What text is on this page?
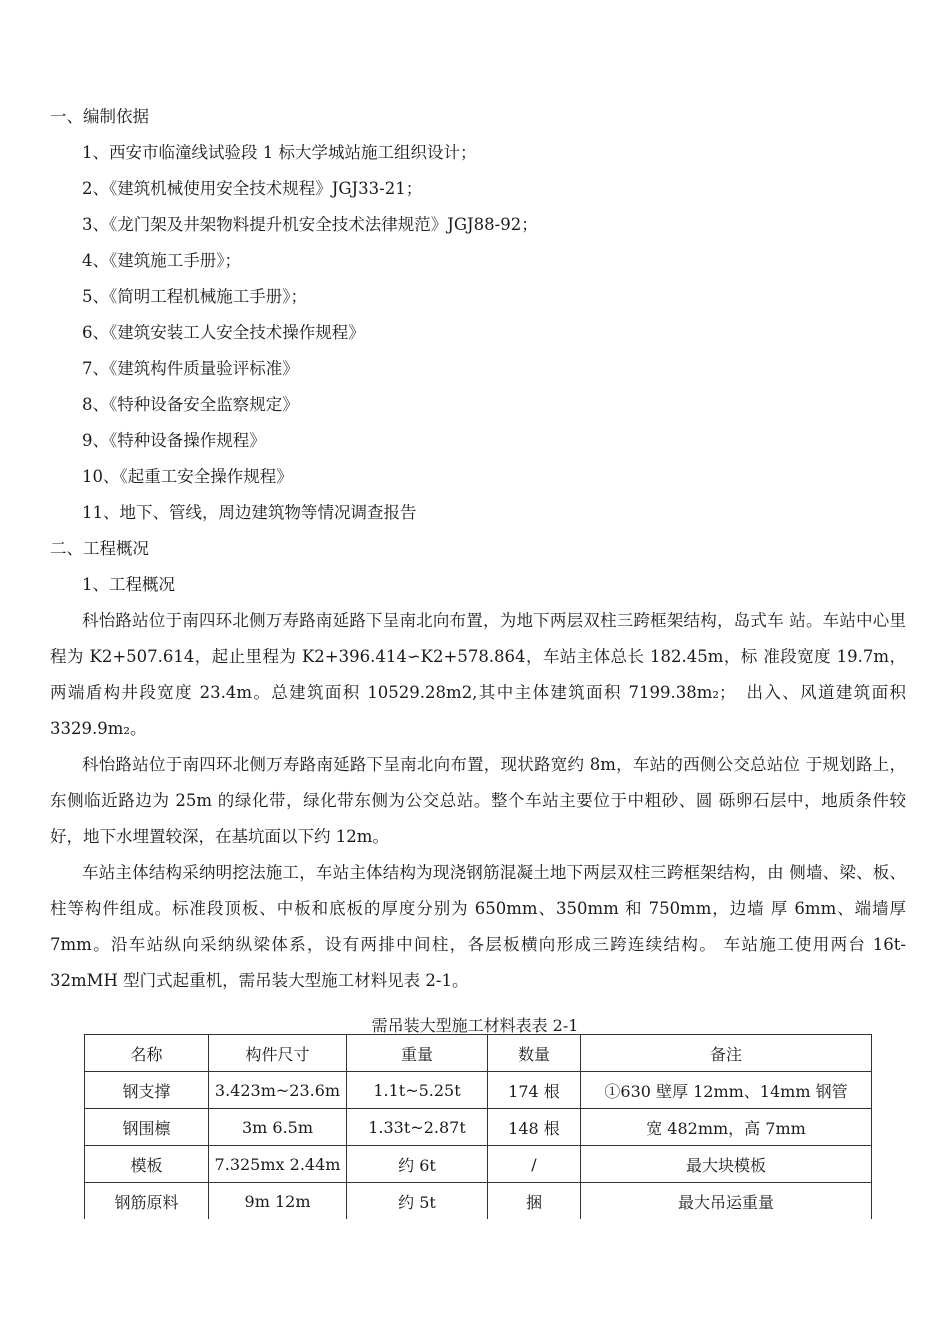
一、编制依据
1、西安市临潼线试验段 1 标大学城站施工组织设计；
2、《建筑机械使用安全技术规程》JGJ33-21；
3、《龙门架及井架物料提升机安全技术法律规范》JGJ88-92；
4、《建筑施工手册》；
5、《简明工程机械施工手册》；
6、《建筑安装工人安全技术操作规程》
7、《建筑构件质量验评标准》
8、《特种设备安全监察规定》
9、《特种设备操作规程》
10、《起重工安全操作规程》
11、地下、管线，周边建筑物等情况调查报告
二、工程概况
1、工程概况
科怡路站位于南四环北侧万寿路南延路下呈南北向布置，为地下两层双柱三跨框架结构，岛式车 站。车站中心里程为 K2+507.614，起止里程为 K2+396.414∽K2+578.864，车站主体总长 182.45m，标 准段宽度 19.7m，两端盾构井段宽度 23.4m。总建筑面积 10529.28m2,其中主体建筑面积 7199.38m₂；　出入、风道建筑面积 3329.9m₂。
科怡路站位于南四环北侧万寿路南延路下呈南北向布置，现状路宽约 8m，车站的西侧公交总站位 于规划路上，东侧临近路边为 25m 的绿化带，绿化带东侧为公交总站。整个车站主要位于中粗砂、圆 砾卵石层中，地质条件较好，地下水埋置较深，在基坑面以下约 12m。
车站主体结构采纳明挖法施工，车站主体结构为现浇钢筋混凝土地下两层双柱三跨框架结构，由 侧墙、梁、板、柱等构件组成。标准段顶板、中板和底板的厚度分别为 650mm、350mm 和 750mm，边墙 厚 6mm、端墙厚 7mm。沿车站纵向采纳纵梁体系，设有两排中间柱，各层板横向形成三跨连续结构。 车站施工使用两台 16t-32mMH 型门式起重机，需吊装大型施工材料见表 2-1。
需吊装大型施工材料表表 2-1
名称	构件尺寸	重量	数量	备注
钢支撑	3.423m~23.6m	1.1t~5.25t	174 根	①630 壁厚 12mm、14mm 钢管
钢围檩	3m 6.5m	1.33t~2.87t	148 根	宽 482mm，高 7mm
模板	7.325mx 2.44m	约 6t	/	最大块模板
钢筋原料	9m 12m	约 5t	捆	最大吊运重量
